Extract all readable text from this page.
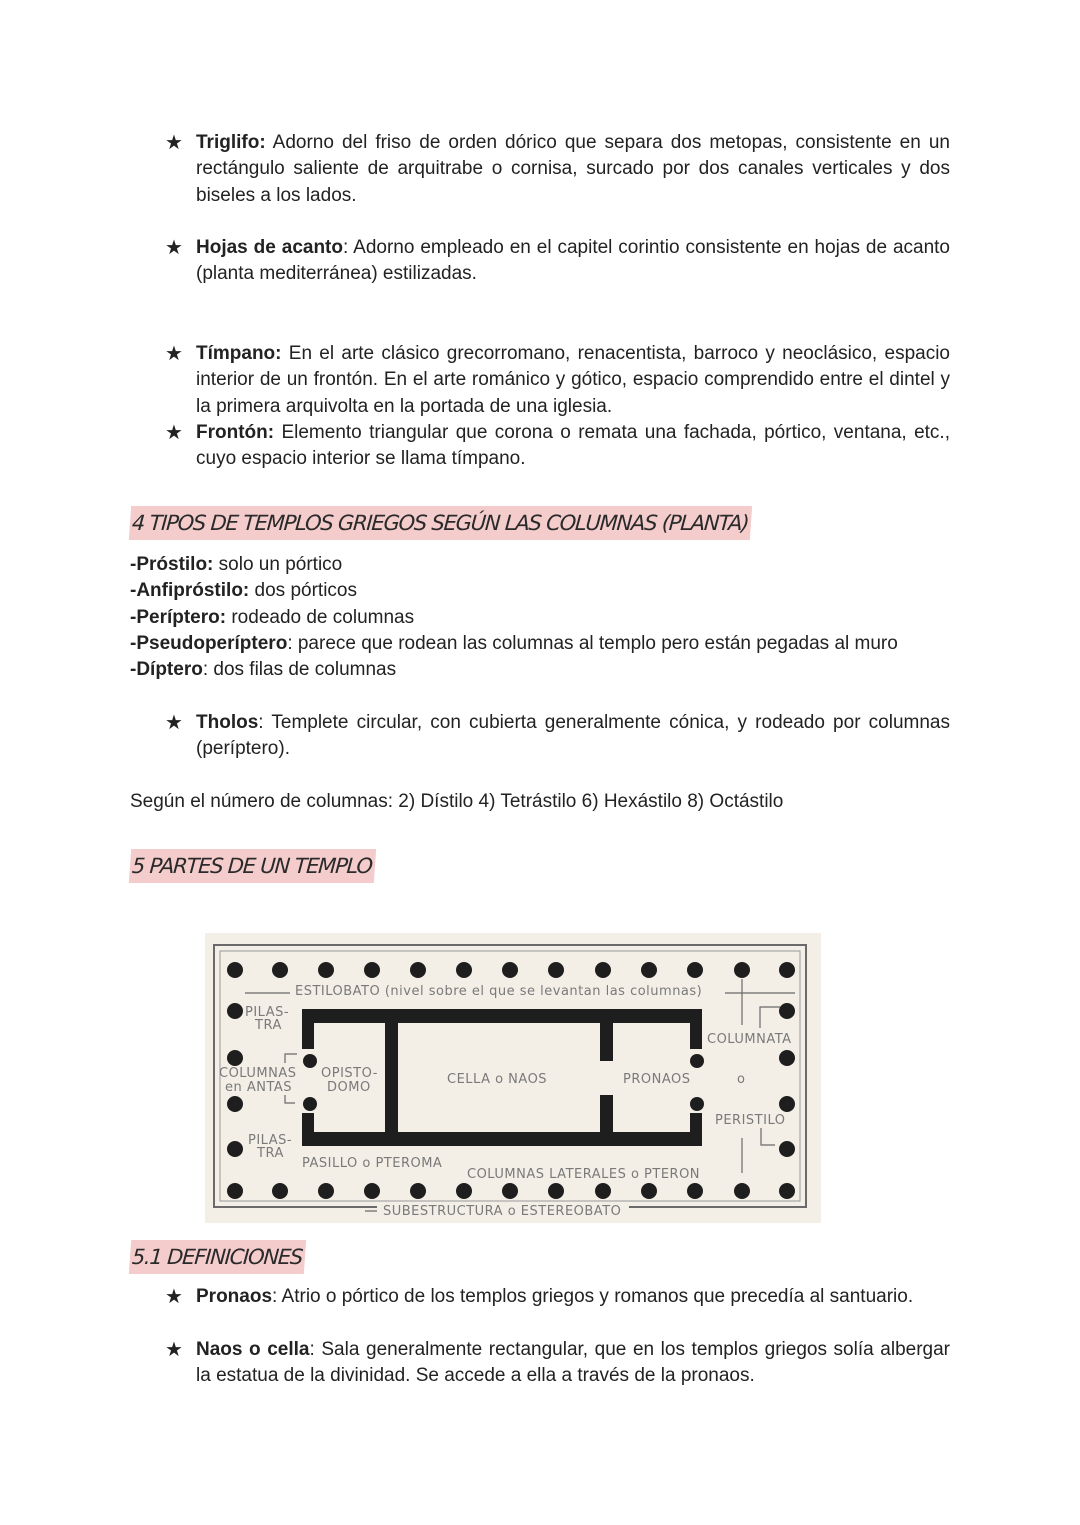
★ Triglifo: Adorno del friso de orden dórico que separa dos metopas, consistente en un rectángulo saliente de arquitrabe o cornisa, surcado por dos canales verticales y dos biseles a los lados.
★ Hojas de acanto: Adorno empleado en el capitel corintio consistente en hojas de acanto (planta mediterránea) estilizadas.
★ Tímpano: En el arte clásico grecorromano, renacentista, barroco y neoclásico, espacio interior de un frontón. En el arte románico y gótico, espacio comprendido entre el dintel y la primera arquivolta en la portada de una iglesia.
★ Frontón: Elemento triangular que corona o remata una fachada, pórtico, ventana, etc., cuyo espacio interior se llama tímpano.
4 TIPOS DE TEMPLOS GRIEGOS SEGÚN LAS COLUMNAS (PLANTA)
-Próstilo: solo un pórtico
-Anfipróstilo: dos pórticos
-Períptero: rodeado de columnas
-Pseudoperíptero: parece que rodean las columnas al templo pero están pegadas al muro
-Díptero: dos filas de columnas
★ Tholos: Templete circular, con cubierta generalmente cónica, y rodeado por columnas (períptero).
Según el número de columnas: 2) Dístilo 4) Tetrástilo 6) Hexástilo 8) Octástilo
5 PARTES DE UN TEMPLO
ESTILOBATO (nivel sobre el que se levantan las columnas)
PILAS-
TRA
COLUMNAS
en ANTAS
OPISTO-
DOMO
CELLA o NAOS	PRONAOS
COLUMNATA
o
PERISTILO
PILAS-
TRA
PASILLO o PTEROMA
COLUMNAS LATERALES o PTERON
SUBESTRUCTURA o ESTEREOBATO
5.1 DEFINICIONES
★ Pronaos: Atrio o pórtico de los templos griegos y romanos que precedía al santuario.
★ Naos o cella: Sala generalmente rectangular, que en los templos griegos solía albergar la estatua de la divinidad. Se accede a ella a través de la pronaos.
